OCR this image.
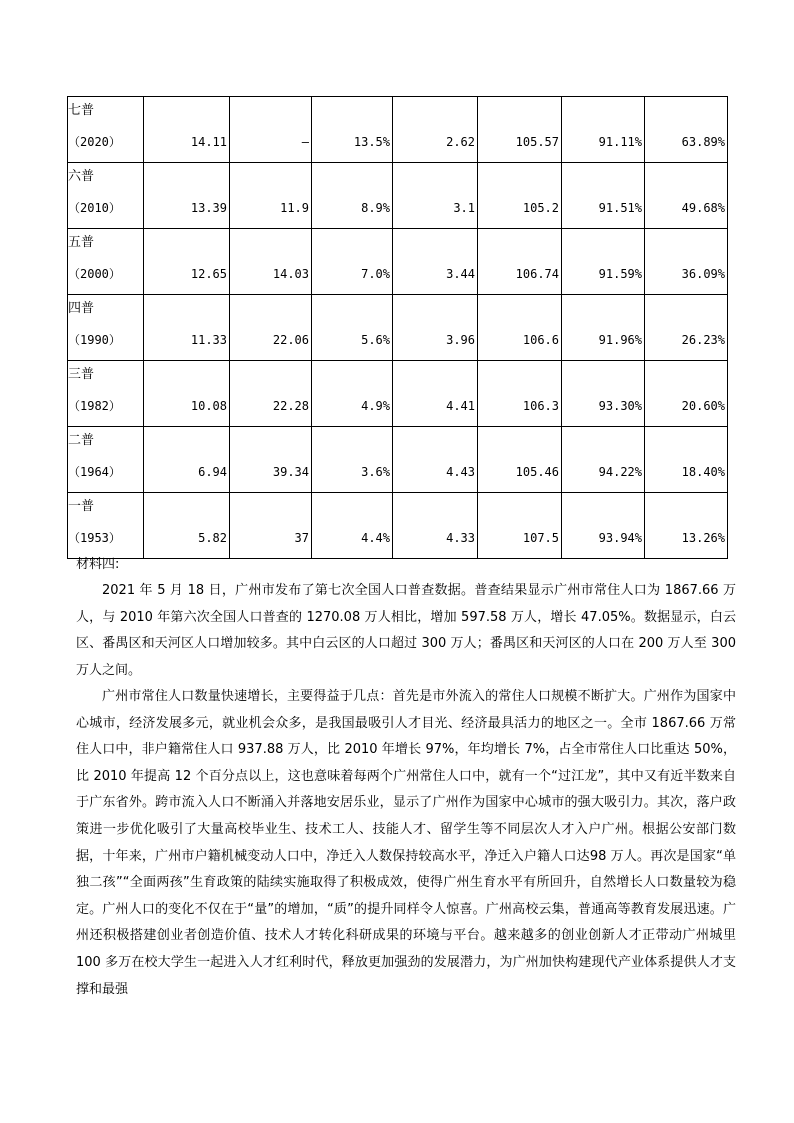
七普
（2020）	14.11	—	13.5%	2.62	105.57	91.11%	63.89%

六普
（2010）	13.39	11.9	8.9%	3.1	105.2	91.51%	49.68%

五普
（2000）	12.65	14.03	7.0%	3.44	106.74	91.59%	36.09%

四普
（1990）	11.33	22.06	5.6%	3.96	106.6	91.96%	26.23%

三普
（1982）	10.08	22.28	4.9%	4.41	106.3	93.30%	20.60%

二普
（1964）	6.94	39.34	3.6%	4.43	105.46	94.22%	18.40%

一普
（1953）	5.82	37	4.4%	4.33	107.5	93.94%	13.26%
材料四:
2021 年 5 月 18 日，广州市发布了第七次全国人口普查数据。普查结果显示广州市常住人口为 1867.66 万人，与 2010 年第六次全国人口普查的 1270.08 万人相比，增加 597.58 万人，增长 47.05%。数据显示，白云区、番禺区和天河区人口增加较多。其中白云区的人口超过 300 万人；番禺区和天河区的人口在 200 万人至 300 万人之间。
广州市常住人口数量快速增长，主要得益于几点：首先是市外流入的常住人口规模不断扩大。广州作为国家中心城市，经济发展多元，就业机会众多，是我国最吸引人才目光、经济最具活力的地区之一。全市 1867.66 万常住人口中，非户籍常住人口 937.88 万人，比 2010 年增长 97%，年均增长 7%，占全市常住人口比重达 50%，比 2010 年提高 12 个百分点以上，这也意味着每两个广州常住人口中，就有一个“过江龙”，其中又有近半数来自于广东省外。跨市流入人口不断涌入并落地安居乐业，显示了广州作为国家中心城市的强大吸引力。其次，落户政策进一步优化吸引了大量高校毕业生、技术工人、技能人才、留学生等不同层次人才入户广州。根据公安部门数据，十年来，广州市户籍机械变动人口中，净迁入人数保持较高水平，净迁入户籍人口达98 万人。再次是国家“单独二孩”“全面两孩”生育政策的陆续实施取得了积极成效，使得广州生育水平有所回升，自然增长人口数量较为稳定。广州人口的变化不仅在于“量”的增加，“质”的提升同样令人惊喜。广州高校云集，普通高等教育发展迅速。广州还积极搭建创业者创造价值、技术人才转化科研成果的环境与平台。越来越多的创业创新人才正带动广州城里 100 多万在校大学生一起进入人才红利时代，释放更加强劲的发展潜力，为广州加快构建现代产业体系提供人才支撑和最强
